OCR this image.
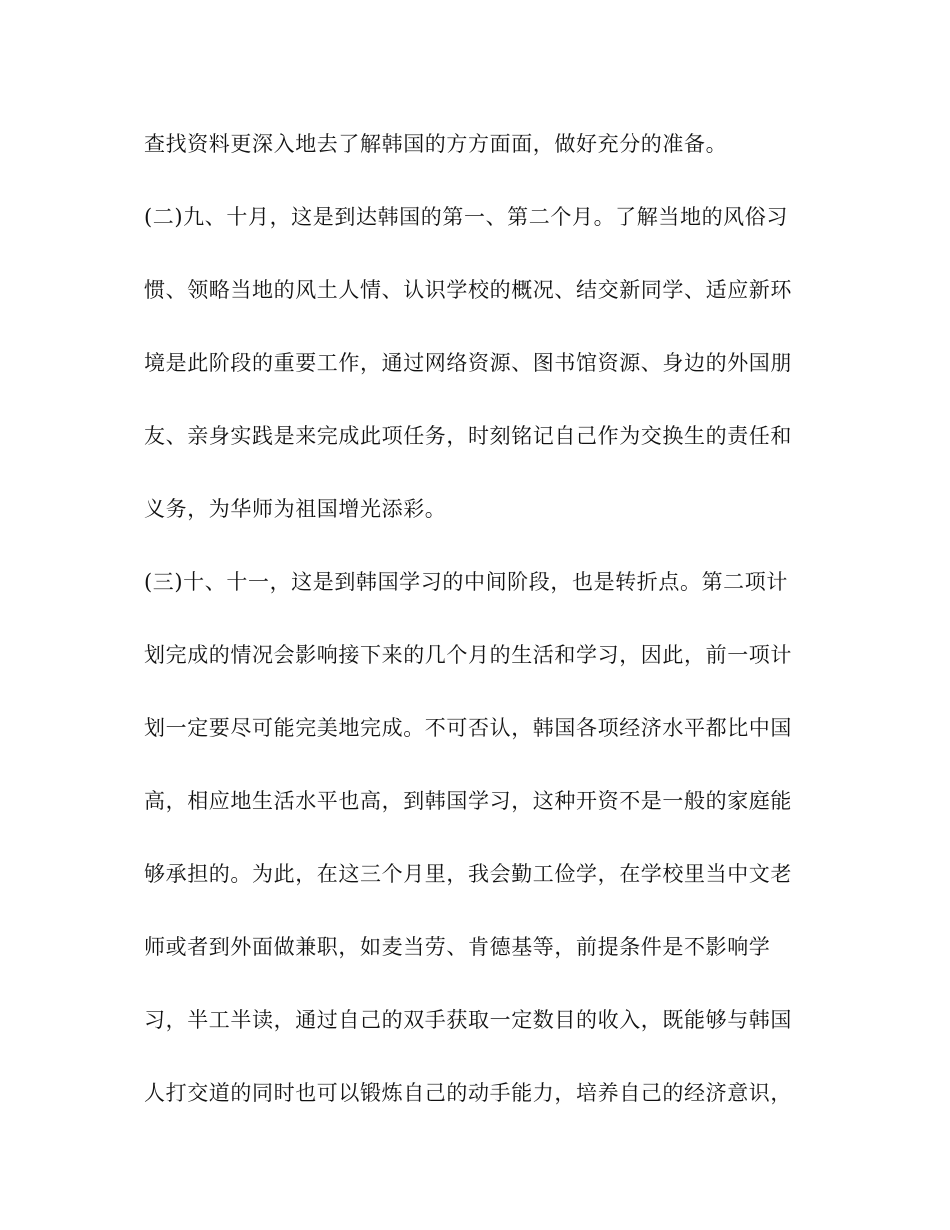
查找资料更深入地去了解韩国的方方面面，做好充分的准备。
(二)九、十月，这是到达韩国的第一、第二个月。了解当地的风俗习
惯、领略当地的风土人情、认识学校的概况、结交新同学、适应新环
境是此阶段的重要工作，通过网络资源、图书馆资源、身边的外国朋
友、亲身实践是来完成此项任务，时刻铭记自己作为交换生的责任和
义务，为华师为祖国增光添彩。
(三)十、十一，这是到韩国学习的中间阶段，也是转折点。第二项计
划完成的情况会影响接下来的几个月的生活和学习，因此，前一项计
划一定要尽可能完美地完成。不可否认，韩国各项经济水平都比中国
高，相应地生活水平也高，到韩国学习，这种开资不是一般的家庭能
够承担的。为此，在这三个月里，我会勤工俭学，在学校里当中文老
师或者到外面做兼职，如麦当劳、肯德基等，前提条件是不影响学
习，半工半读，通过自己的双手获取一定数目的收入，既能够与韩国
人打交道的同时也可以锻炼自己的动手能力，培养自己的经济意识，
